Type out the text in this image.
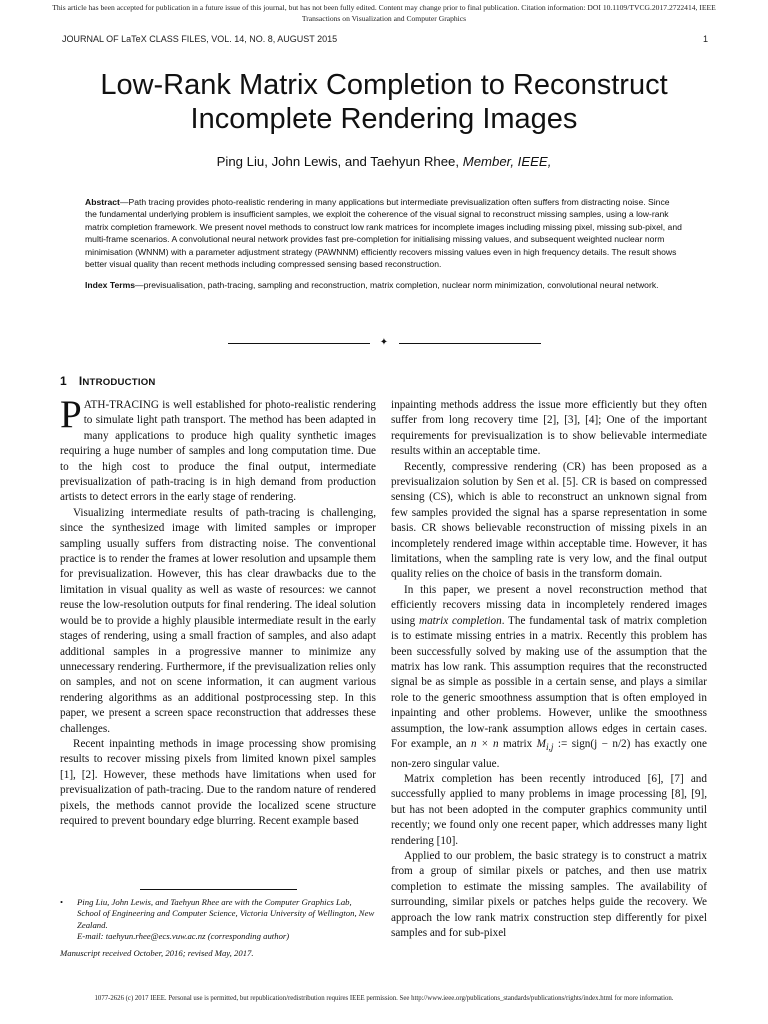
This article has been accepted for publication in a future issue of this journal, but has not been fully edited. Content may change prior to final publication. Citation information: DOI 10.1109/TVCG.2017.2722414, IEEE
Transactions on Visualization and Computer Graphics
JOURNAL OF LaTeX CLASS FILES, VOL. 14, NO. 8, AUGUST 2015	1
Low-Rank Matrix Completion to Reconstruct
Incomplete Rendering Images
Ping Liu, John Lewis, and Taehyun Rhee, Member, IEEE,

Abstract—Path tracing provides photo-realistic rendering in many applications but intermediate previsualization often suffers from distracting noise. Since the fundamental underlying problem is insufficient samples, we exploit the coherence of the visual signal to reconstruct missing samples, using a low-rank matrix completion framework. We present novel methods to construct low rank matrices for incomplete images including missing pixel, missing sub-pixel, and multi-frame scenarios. A convolutional neural network provides fast pre-completion for initialising missing values, and subsequent weighted nuclear norm minimisation (WNNM) with a parameter adjustment strategy (PAWNNM) efficiently recovers missing values even in high frequency details. The result shows better visual quality than recent methods including compressed sensing based reconstruction.

Index Terms—previsualisation, path-tracing, sampling and reconstruction, matrix completion, nuclear norm minimization, convolutional neural network.

✦
1 INTRODUCTION

PATH-TRACING is well established for photo-realistic rendering to simulate light path transport. The method has been adapted in many applications to produce high quality synthetic images requiring a huge number of samples and long computation time. Due to the high cost to produce the final output, intermediate previsualization of path-tracing is in high demand from production artists to detect errors in the early stage of rendering.

Visualizing intermediate results of path-tracing is challenging, since the synthesized image with limited samples or improper sampling usually suffers from distracting noise. The conventional practice is to render the frames at lower resolution and upsample them for previsualization. However, this has clear drawbacks due to the limitation in visual quality as well as waste of resources: we cannot reuse the low-resolution outputs for final rendering. The ideal solution would be to provide a highly plausible intermediate result in the early stages of rendering, using a small fraction of samples, and also adapt additional samples in a progressive manner to minimize any unnecessary rendering. Furthermore, if the previsualization relies only on samples, and not on scene information, it can augment various rendering algorithms as an additional postprocessing step. In this paper, we present a screen space reconstruction that addresses these challenges.

Recent inpainting methods in image processing show promising results to recover missing pixels from limited known pixel samples [1], [2]. However, these methods have limitations when used for previsualization of path-tracing. Due to the random nature of rendered pixels, the methods cannot provide the localized scene structure required to prevent boundary edge blurring. Recent example based

inpainting methods address the issue more efficiently but they often suffer from long recovery time [2], [3], [4]; One of the important requirements for previsualization is to show believable intermediate results within an acceptable time.

Recently, compressive rendering (CR) has been proposed as a previsualizaion solution by Sen et al. [5]. CR is based on compressed sensing (CS), which is able to reconstruct an unknown signal from few samples provided the signal has a sparse representation in some basis. CR shows believable reconstruction of missing pixels in an incompletely rendered image within acceptable time. However, it has limitations, when the sampling rate is very low, and the final output quality relies on the choice of basis in the transform domain.

In this paper, we present a novel reconstruction method that efficiently recovers missing data in incompletely rendered images using matrix completion. The fundamental task of matrix completion is to estimate missing entries in a matrix. Recently this problem has been successfully solved by making use of the assumption that the matrix has low rank. This assumption requires that the reconstructed signal be as simple as possible in a certain sense, and plays a similar role to the generic smoothness assumption that is often employed in inpainting and other problems. However, unlike the smoothness assumption, the low-rank assumption allows edges in certain cases. For example, an n × n matrix $M_{i,j}$ := sign(j − n/2) has exactly one non-zero singular value.

Matrix completion has been recently introduced [6], [7] and successfully applied to many problems in image processing [8], [9], but has not been adopted in the computer graphics community until recently; we found only one recent paper, which addresses many light rendering [10].

Applied to our problem, the basic strategy is to construct a matrix from a group of similar pixels or patches, and then use matrix completion to estimate the missing samples. The availability of surrounding, similar pixels or patches helps guide the recovery. We approach the low rank matrix construction step differently for pixel samples and for sub-pixel

•	Ping Liu, John Lewis, and Taehyun Rhee are with the Computer Graphics Lab, School of Engineering and Computer Science, Victoria University of Wellington, New Zealand.
E-mail: taehyun.rhee@ecs.vuw.ac.nz (corresponding author)
Manuscript received October, 2016; revised May, 2017.
1077-2626 (c) 2017 IEEE. Personal use is permitted, but republication/redistribution requires IEEE permission. See http://www.ieee.org/publications_standards/publications/rights/index.html for more information.
